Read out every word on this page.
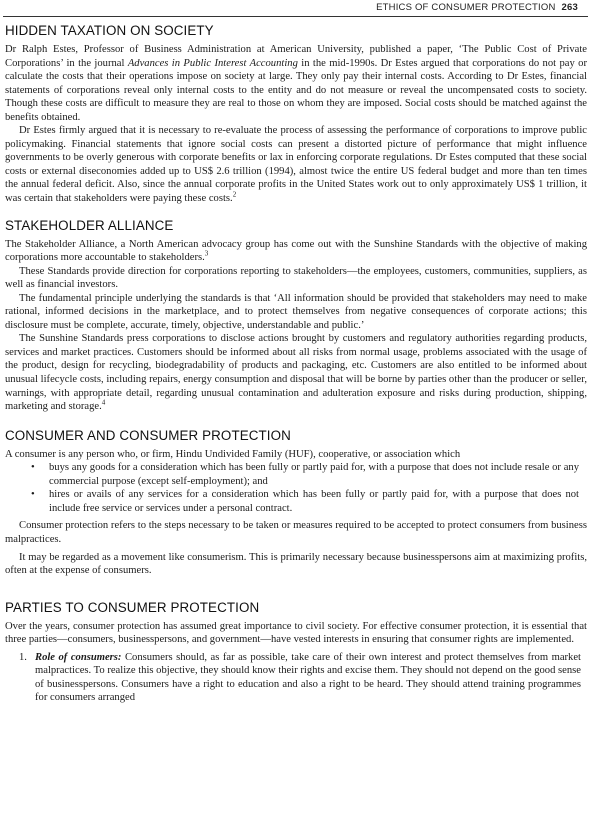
ETHICS OF CONSUMER PROTECTION 263
HIDDEN TAXATION ON SOCIETY

Dr Ralph Estes, Professor of Business Administration at American University, published a paper, ‘The Public Cost of Private Corporations’ in the journal Advances in Public Interest Accounting in the mid-1990s. Dr Estes argued that corporations do not pay or calculate the costs that their operations impose on society at large. They only pay their internal costs. According to Dr Estes, financial statements of corporations reveal only internal costs to the entity and do not measure or reveal the uncompensated costs to society. Though these costs are difficult to measure they are real to those on whom they are imposed. Social costs should be matched against the benefits obtained.

Dr Estes firmly argued that it is necessary to re-evaluate the process of assessing the performance of corporations to improve public policymaking. Financial statements that ignore social costs can present a distorted picture of performance that might influence governments to be overly generous with corporate benefits or lax in enforcing corporate regulations. Dr Estes computed that these social costs or external diseconomies added up to US$ 2.6 trillion (1994), almost twice the entire US federal budget and more than ten times the annual federal deficit. Also, since the annual corporate profits in the United States work out to only approximately US$ 1 trillion, it was certain that stakeholders were paying these costs.$^2$

STAKEHOLDER ALLIANCE

The Stakeholder Alliance, a North American advocacy group has come out with the Sunshine Standards with the objective of making corporations more accountable to stakeholders.$^3$

These Standards provide direction for corporations reporting to stakeholders—the employees, customers, communities, suppliers, as well as financial investors.

The fundamental principle underlying the standards is that ‘All information should be provided that stakeholders may need to make rational, informed decisions in the marketplace, and to protect themselves from negative consequences of corporate actions; this disclosure must be complete, accurate, timely, objective, understandable and public.’

The Sunshine Standards press corporations to disclose actions brought by customers and regulatory authorities regarding products, services and market practices. Customers should be informed about all risks from normal usage, problems associated with the usage of the product, design for recycling, biodegradability of products and packaging, etc. Customers are also entitled to be informed about unusual lifecycle costs, including repairs, energy consumption and disposal that will be borne by parties other than the producer or seller, warnings, with appropriate detail, regarding unusual contamination and adulteration exposure and risks during production, shipping, marketing and storage.$^4$

CONSUMER AND CONSUMER PROTECTION

A consumer is any person who, or firm, Hindu Undivided Family (HUF), cooperative, or association which

• buys any goods for a consideration which has been fully or partly paid for, with a purpose that does not include resale or any commercial purpose (except self-employment); and
• hires or avails of any services for a consideration which has been fully or partly paid for, with a purpose that does not include free service or services under a personal contract.

Consumer protection refers to the steps necessary to be taken or measures required to be accepted to protect consumers from business malpractices.

It may be regarded as a movement like consumerism. This is primarily necessary because businesspersons aim at maximizing profits, often at the expense of consumers.

PARTIES TO CONSUMER PROTECTION

Over the years, consumer protection has assumed great importance to civil society. For effective consumer protection, it is essential that three parties—consumers, businesspersons, and government—have vested interests in ensuring that consumer rights are implemented.

1. Role of consumers: Consumers should, as far as possible, take care of their own interest and protect themselves from market malpractices. To realize this objective, they should know their rights and excise them. They should not depend on the good sense of businesspersons. Consumers have a right to education and also a right to be heard. They should attend training programmes for consumers arranged
